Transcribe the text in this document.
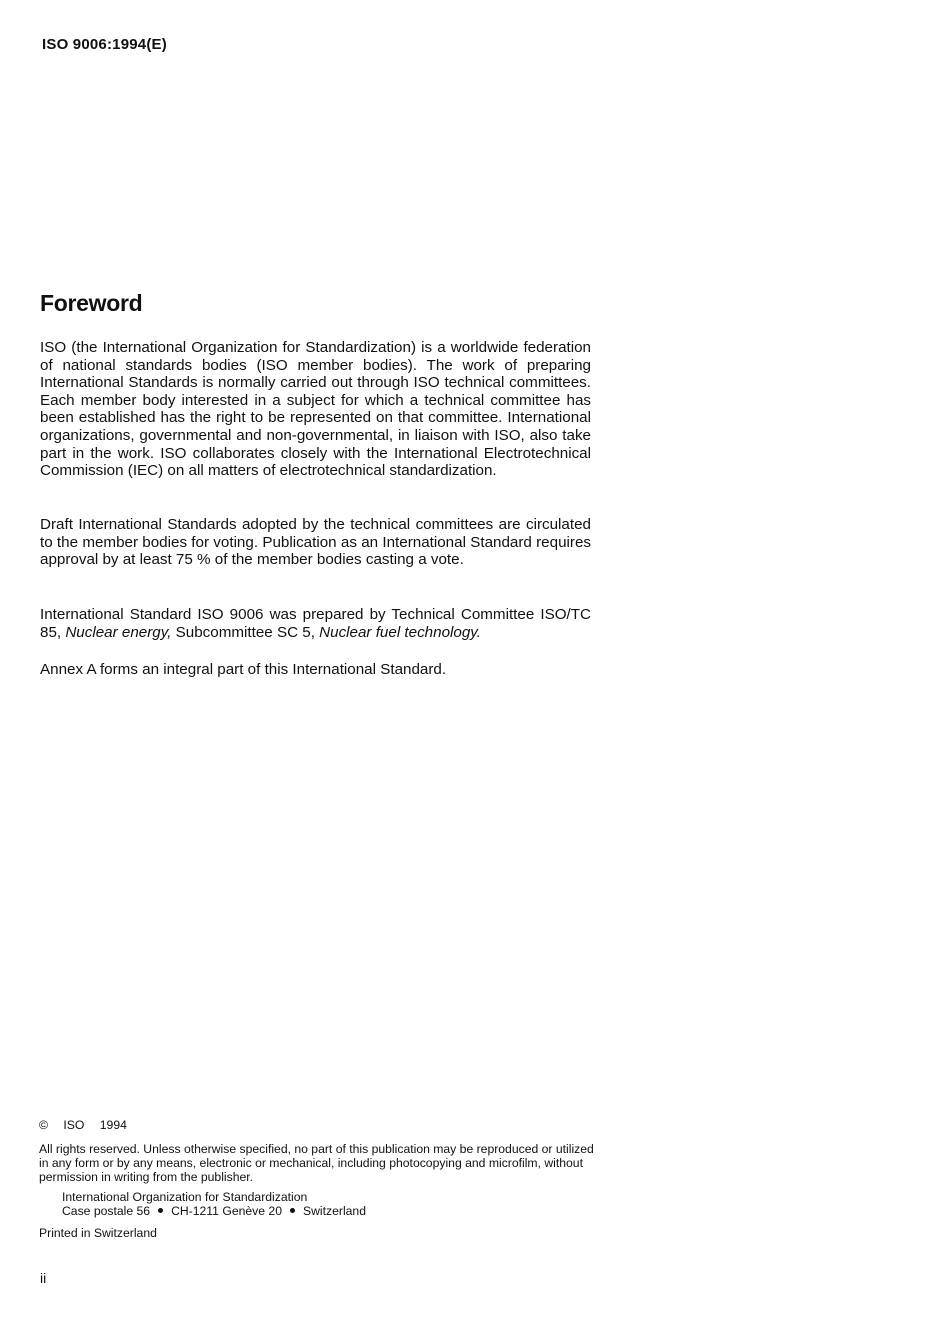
ISO 9006:1994(E)
Foreword

ISO (the International Organization for Standardization) is a worldwide federation of national standards bodies (ISO member bodies). The work of preparing International Standards is normally carried out through ISO technical committees. Each member body interested in a subject for which a technical committee has been established has the right to be represented on that committee. International organizations, governmental and non-governmental, in liaison with ISO, also take part in the work. ISO collaborates closely with the International Electrotechnical Commission (IEC) on all matters of electrotechnical standardization.

Draft International Standards adopted by the technical committees are circulated to the member bodies for voting. Publication as an International Standard requires approval by at least 75 % of the member bodies casting a vote.

International Standard ISO 9006 was prepared by Technical Committee ISO/TC 85, Nuclear energy, Subcommittee SC 5, Nuclear fuel technology.

Annex A forms an integral part of this International Standard.

© ISO 1994

All rights reserved. Unless otherwise specified, no part of this publication may be reproduced or utilized in any form or by any means, electronic or mechanical, including photocopying and microfilm, without permission in writing from the publisher.

International Organization for Standardization
Case postale 56 CH-1211 Genève 20 Switzerland

Printed in Switzerland

ii
